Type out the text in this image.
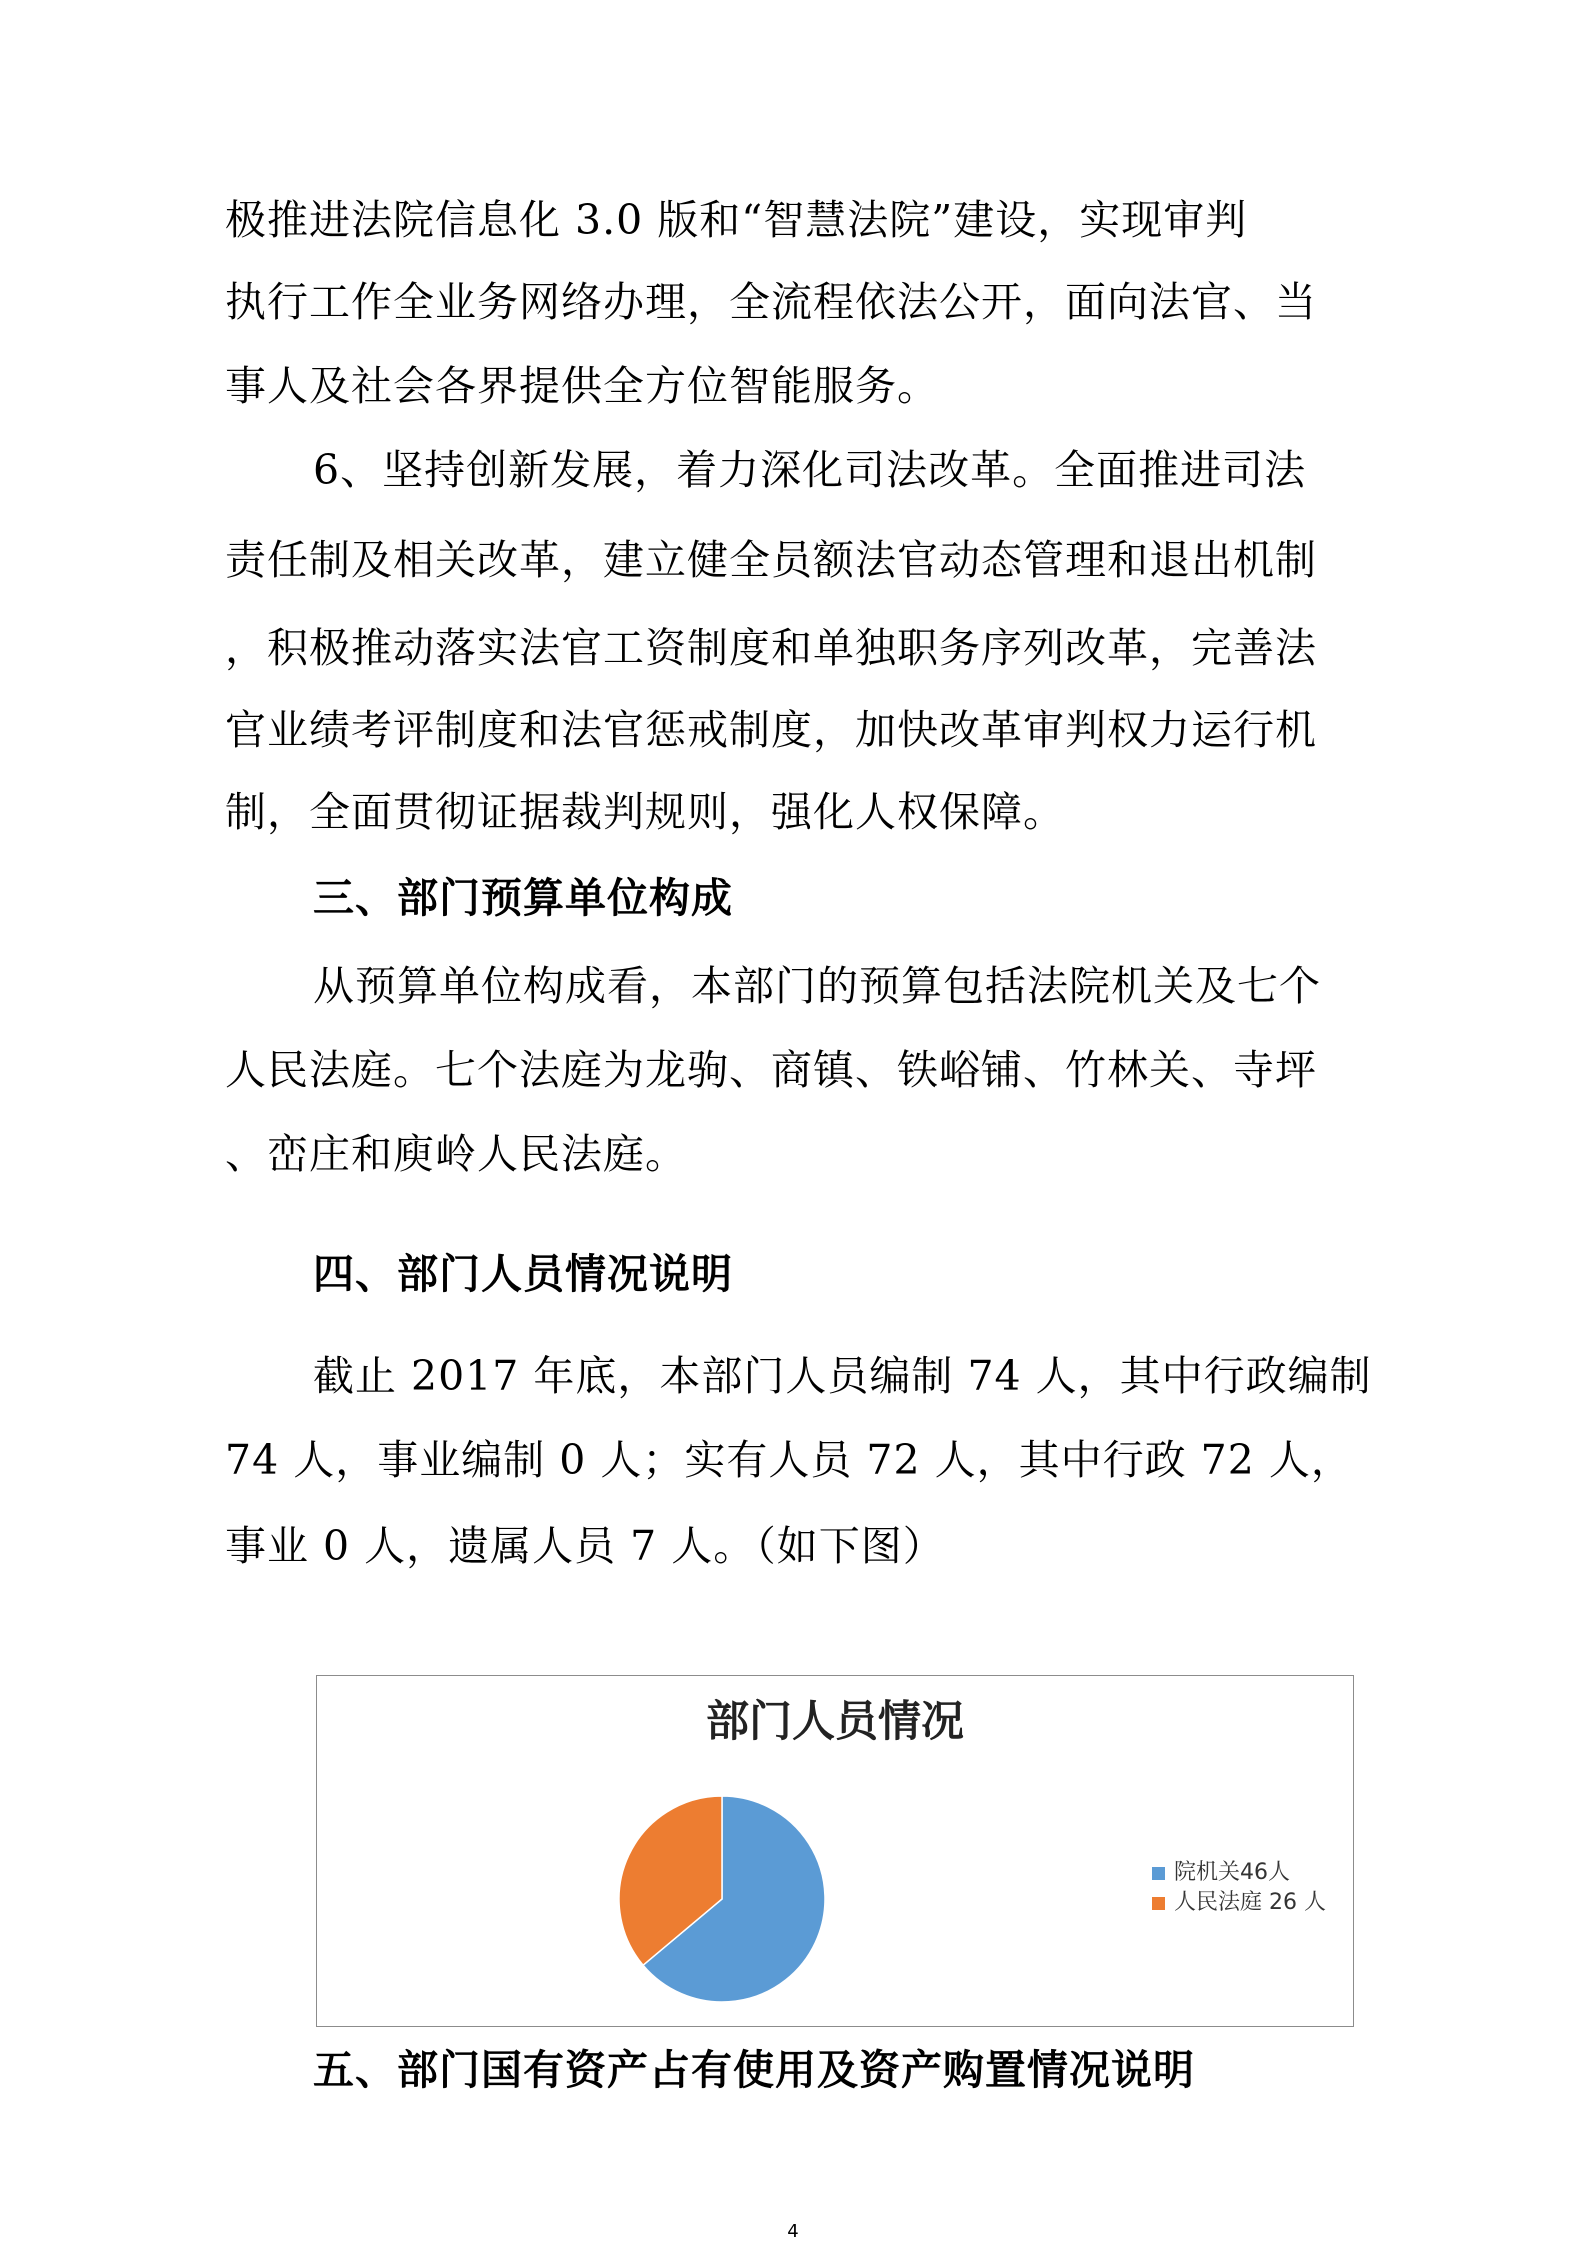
极推进法院信息化 3.0 版和“智慧法院”建设，实现审判
执行工作全业务网络办理，全流程依法公开，面向法官、当
事人及社会各界提供全方位智能服务。
6、坚持创新发展，着力深化司法改革。全面推进司法
责任制及相关改革，建立健全员额法官动态管理和退出机制
，积极推动落实法官工资制度和单独职务序列改革，完善法
官业绩考评制度和法官惩戒制度，加快改革审判权力运行机
制，全面贯彻证据裁判规则，强化人权保障。
三、部门预算单位构成
从预算单位构成看，本部门的预算包括法院机关及七个
人民法庭。七个法庭为龙驹、商镇、铁峪铺、竹林关、寺坪
、峦庄和庾岭人民法庭。
四、部门人员情况说明
截止 2017 年底，本部门人员编制 74 人，其中行政编制
74 人，事业编制 0 人；实有人员 72 人，其中行政 72 人，
事业 0 人，遗属人员 7 人。（如下图）
部门人员情况
院机关46人
人民法庭 26 人
五、部门国有资产占有使用及资产购置情况说明
4
